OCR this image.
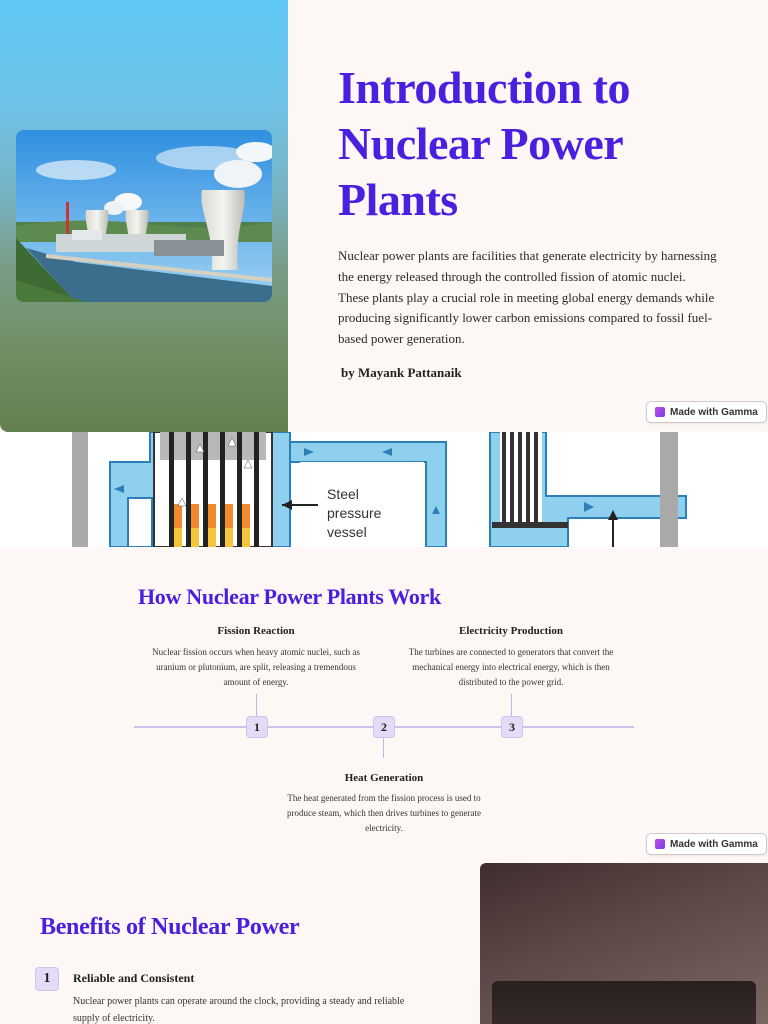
Introduction to Nuclear Power Plants

Nuclear power plants are facilities that generate electricity by harnessing the energy released through the controlled fission of atomic nuclei. These plants play a crucial role in meeting global energy demands while producing significantly lower carbon emissions compared to fossil fuel-based power generation.

by Mayank Pattanaik

Made with Gamma
Steel
pressure
vessel
How Nuclear Power Plants Work
Fission Reaction
Nuclear fission occurs when heavy atomic nuclei, such as uranium or plutonium, are split, releasing a tremendous amount of energy.
Electricity Production
The turbines are connected to generators that convert the mechanical energy into electrical energy, which is then distributed to the power grid.
1	2	3
Heat Generation
The heat generated from the fission process is used to produce steam, which then drives turbines to generate electricity.
Made with Gamma
Benefits of Nuclear Power
1	Reliable and Consistent
Nuclear power plants can operate around the clock, providing a steady and reliable supply of electricity.
